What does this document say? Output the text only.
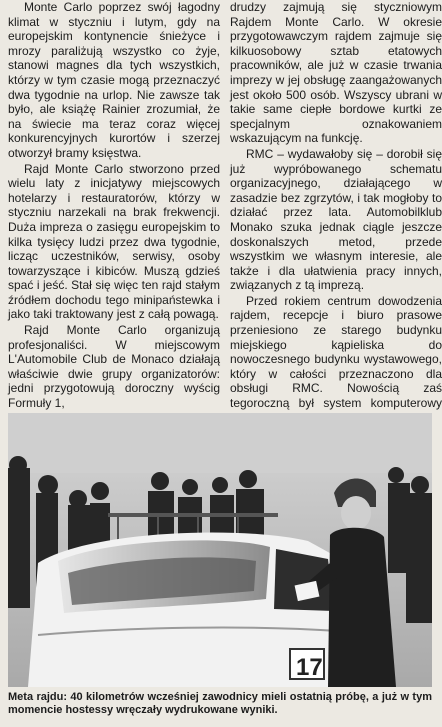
Monte Carlo poprzez swój łagodny klimat w styczniu i lutym, gdy na europejskim kontynencie śnieżyce i mrozy paraliżują wszystko co żyje, stanowi magnes dla tych wszystkich, którzy w tym czasie mogą przeznaczyć dwa tygodnie na urlop. Nie zawsze tak było, ale książę Rainier zrozumiał, że na świecie ma teraz coraz więcej konkurencyjnych kurortów i szerzej otworzył bramy księstwa.

Rajd Monte Carlo stworzono przed wielu laty z inicjatywy miejscowych hotelarzy i restauratorów, którzy w styczniu narzekali na brak frekwencji. Duża impreza o zasięgu europejskim to kilka tysięcy ludzi przez dwa tygodnie, licząc uczestników, serwisy, osoby towarzyszące i kibiców. Muszą gdzieś spać i jeść. Stał się więc ten rajd stałym źródłem dochodu tego minipaństewka i jako taki traktowany jest z całą powagą.

Rajd Monte Carlo organizują profesjonaliści. W miejscowym L'Automobile Club de Monaco działają właściwie dwie grupy organizatorów: jedni przygotowują doroczny wyścig Formuły 1,

drudzy zajmują się styczniowym Rajdem Monte Carlo. W okresie przygotowawczym rajdem zajmuje się kilkuosobowy sztab etatowych pracowników, ale już w czasie trwania imprezy w jej obsługę zaangażowanych jest około 500 osób. Wszyscy ubrani w takie same ciepłe bordowe kurtki ze specjalnym oznakowaniem wskazującym na funkcję.

RMC – wydawałoby się – dorobił się już wypróbowanego schematu organizacyjnego, działającego w zasadzie bez zgrzytów, i tak mogłoby to działać przez lata. Automobilklub Monako szuka jednak ciągle jeszcze doskonalszych metod, przede wszystkim we własnym interesie, ale także i dla ułatwienia pracy innych, związanych z tą imprezą.

Przed rokiem centrum dowodzenia rajdem, recepcje i biuro prasowe przeniesiono ze starego budynku miejskiego kąpieliska do nowoczesnego budynku wystawowego, który w całości przeznaczono dla obsługi RMC. Nowością zaś tegoroczną był system komputerowy

17
Meta rajdu: 40 kilometrów wcześniej zawodnicy mieli ostatnią próbę, a już w tym momencie hostessy wręczały wydrukowane wyniki.
